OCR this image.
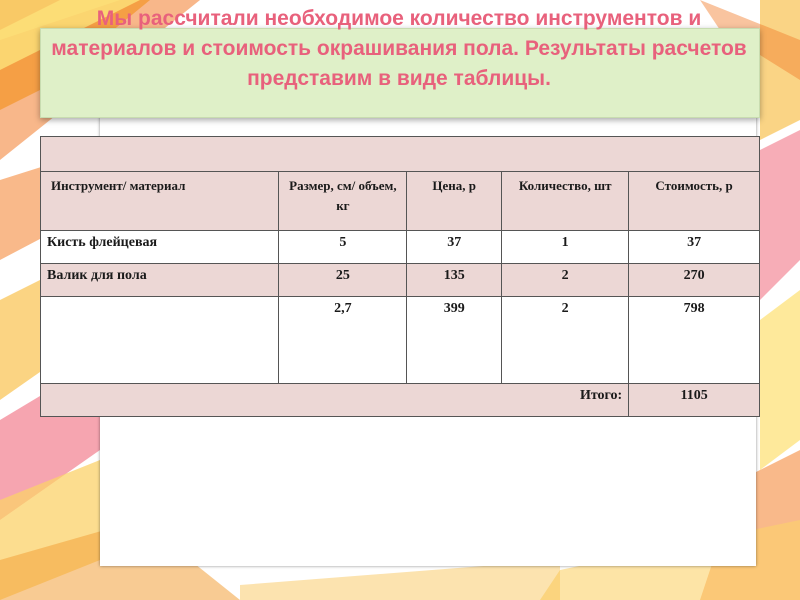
Мы рассчитали необходимое количество инструментов и материалов и стоимость окрашивания пола. Результаты расчетов представим в виде таблицы.

Инструмент/ материал	Размер, см/ объем, кг	Цена, р	Количество, шт	Стоимость, р
Кисть флейцевая	5	37	1	37
Валик для пола	25	135	2	270
	2,7	399	2	798
Итого:				1105
